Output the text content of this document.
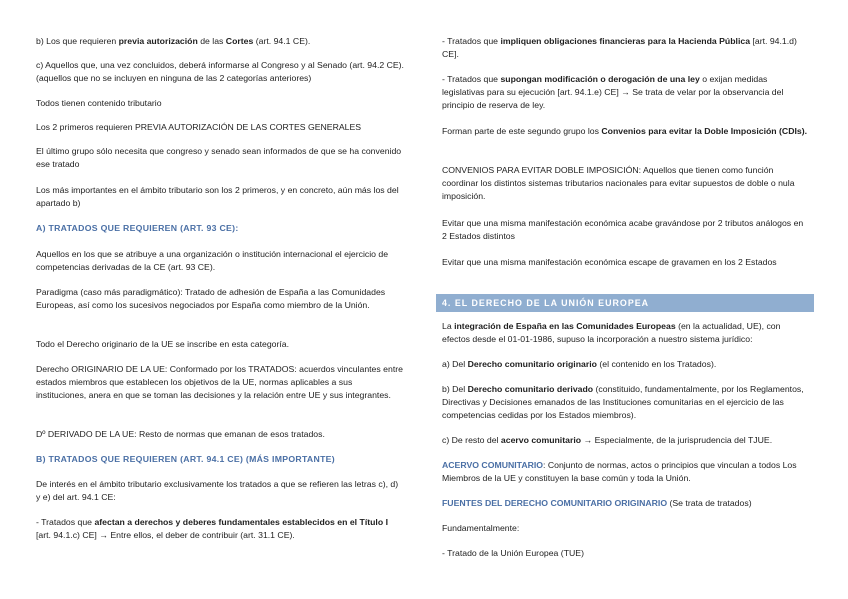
b) Los que requieren previa autorización de las Cortes (art. 94.1 CE).

c) Aquellos que, una vez concluidos, deberá informarse al Congreso y al Senado (art. 94.2 CE). (aquellos que no se incluyen en ninguna de las 2 categorías anteriores)

Todos tienen contenido tributario

Los 2 primeros requieren PREVIA AUTORIZACIÓN DE LAS CORTES GENERALES

El último grupo sólo necesita que congreso y senado sean informados de que se ha convenido ese tratado

Los más importantes en el ámbito tributario son los 2 primeros, y en concreto, aún más los del apartado b)

A) TRATADOS QUE REQUIEREN (ART. 93 CE):

Aquellos en los que se atribuye a una organización o institución internacional el ejercicio de competencias derivadas de la CE (art. 93 CE).

Paradigma (caso más paradigmático): Tratado de adhesión de España a las Comunidades Europeas, así como los sucesivos negociados por España como miembro de la Unión.

Todo el Derecho originario de la UE se inscribe en esta categoría.

Derecho ORIGINARIO DE LA UE: Conformado por los TRATADOS: acuerdos vinculantes entre estados miembros que establecen los objetivos de la UE, normas aplicables a sus instituciones, anera en que se toman las decisiones y la relación entre UE y sus integrantes.

Dº DERIVADO DE LA UE: Resto de normas que emanan de esos tratados.

B) TRATADOS QUE REQUIEREN (ART. 94.1 CE) (MÁS IMPORTANTE)

De interés en el ámbito tributario exclusivamente los tratados a que se refieren las letras c), d) y e) del art. 94.1 CE:

- Tratados que afectan a derechos y deberes fundamentales establecidos en el Título I [art. 94.1.c) CE] → Entre ellos, el deber de contribuir (art. 31.1 CE).

- Tratados que impliquen obligaciones financieras para la Hacienda Pública [art. 94.1.d) CE].

- Tratados que supongan modificación o derogación de una ley o exijan medidas legislativas para su ejecución [art. 94.1.e) CE] → Se trata de velar por la observancia del principio de reserva de ley.

Forman parte de este segundo grupo los Convenios para evitar la Doble Imposición (CDIs).

CONVENIOS PARA EVITAR DOBLE IMPOSICIÓN: Aquellos que tienen como función coordinar los distintos sistemas tributarios nacionales para evitar supuestos de doble o nula imposición.

Evitar que una misma manifestación económica acabe gravándose por 2 tributos análogos en 2 Estados distintos

Evitar que una misma manifestación económica escape de gravamen en los 2 Estados

4. EL DERECHO DE LA UNIÓN EUROPEA

La integración de España en las Comunidades Europeas (en la actualidad, UE), con efectos desde el 01-01-1986, supuso la incorporación a nuestro sistema jurídico:

a) Del Derecho comunitario originario (el contenido en los Tratados).

b) Del Derecho comunitario derivado (constituido, fundamentalmente, por los Reglamentos, Directivas y Decisiones emanados de las Instituciones comunitarias en el ejercicio de las competencias cedidas por los Estados miembros).

c) De resto del acervo comunitario → Especialmente, de la jurisprudencia del TJUE.

ACERVO COMUNITARIO: Conjunto de normas, actos o principios que vinculan a todos Los Miembros de la UE y constituyen la base común y toda la Unión.

FUENTES DEL DERECHO COMUNITARIO ORIGINARIO (Se trata de tratados)

Fundamentalmente:

- Tratado de la Unión Europea (TUE)
